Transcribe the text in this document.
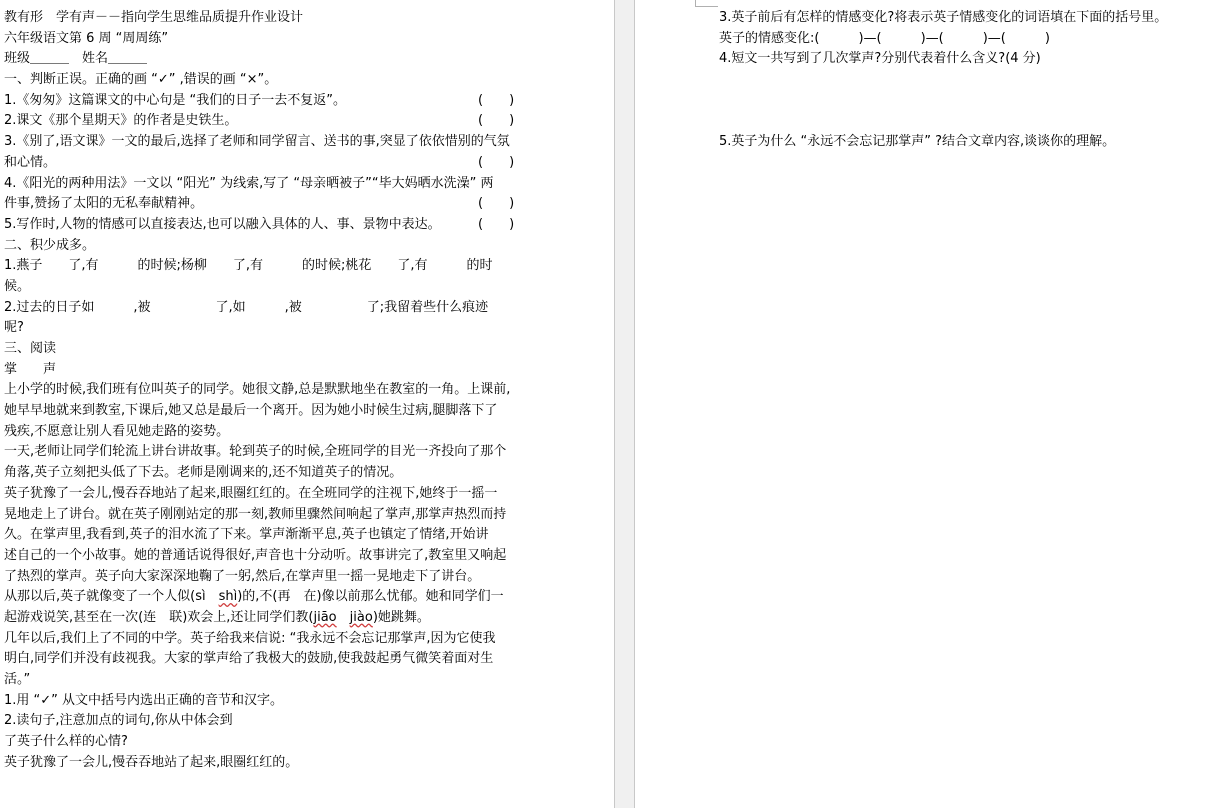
教有形　学有声－－指向学生思维品质提升作业设计
六年级语文第 6 周 “周周练”
班级＿＿＿　姓名＿＿＿
一、判断正误。正确的画 “✓” ,错误的画 “×”。
1.《匆匆》这篇课文的中心句是 “我们的日子一去不复返”。	(　　)
2.课文《那个星期天》的作者是史铁生。	(　　)
3.《别了,语文课》一文的最后,选择了老师和同学留言、送书的事,突显了依依惜别的气氛
和心情。	(　　)
4.《阳光的两种用法》一文以 “阳光” 为线索,写了 “母亲晒被子”“毕大妈晒水洗澡” 两
件事,赞扬了太阳的无私奉献精神。	(　　)
5.写作时,人物的情感可以直接表达,也可以融入具体的人、事、景物中表达。	(　　)
二、积少成多。
1.燕子　　了,有　　　的时候;杨柳　　了,有　　　的时候;桃花　　了,有　　　的时
候。
2.过去的日子如　　　,被　　　　　了,如　　　,被　　　　　了;我留着些什么痕迹
呢?
三、阅读
掌　　声
上小学的时候,我们班有位叫英子的同学。她很文静,总是默默地坐在教室的一角。上课前,
她早早地就来到教室,下课后,她又总是最后一个离开。因为她小时候生过病,腿脚落下了
残疾,不愿意让别人看见她走路的姿势。
一天,老师让同学们轮流上讲台讲故事。轮到英子的时候,全班同学的目光一齐投向了那个
角落,英子立刻把头低了下去。老师是刚调来的,还不知道英子的情况。
英子犹豫了一会儿,慢吞吞地站了起来,眼圈红红的。在全班同学的注视下,她终于一摇一
晃地走上了讲台。就在英子刚刚站定的那一刻,教师里骤然间响起了掌声,那掌声热烈而持
久。在掌声里,我看到,英子的泪水流了下来。掌声渐渐平息,英子也镇定了情绪,开始讲
述自己的一个小故事。她的普通话说得很好,声音也十分动听。故事讲完了,教室里又响起
了热烈的掌声。英子向大家深深地鞠了一躬,然后,在掌声里一摇一晃地走下了讲台。
从那以后,英子就像变了一个人似(sì　shì)的,不(再　在)像以前那么忧郁。她和同学们一
起游戏说笑,甚至在一次(连　联)欢会上,还让同学们教(jiāo　 jiào)她跳舞。
几年以后,我们上了不同的中学。英子给我来信说: “我永远不会忘记那掌声,因为它使我
明白,同学们并没有歧视我。大家的掌声给了我极大的鼓励,使我鼓起勇气微笑着面对生
活。”
1.用 “✓” 从文中括号内选出正确的音节和汉字。
2.读句子,注意加点的词句,你从中体会到
了英子什么样的心情?
英子犹豫了一会儿,慢吞吞地站了起来,眼圈红红的。
3.英子前后有怎样的情感变化?将表示英子情感变化的词语填在下面的括号里。
英子的情感变化:(　　　)—(　　　)—(　　　)—(　　　)
4.短文一共写到了几次掌声?分别代表着什么含义?(4 分)
5.英子为什么 “永远不会忘记那掌声” ?结合文章内容,谈谈你的理解。
